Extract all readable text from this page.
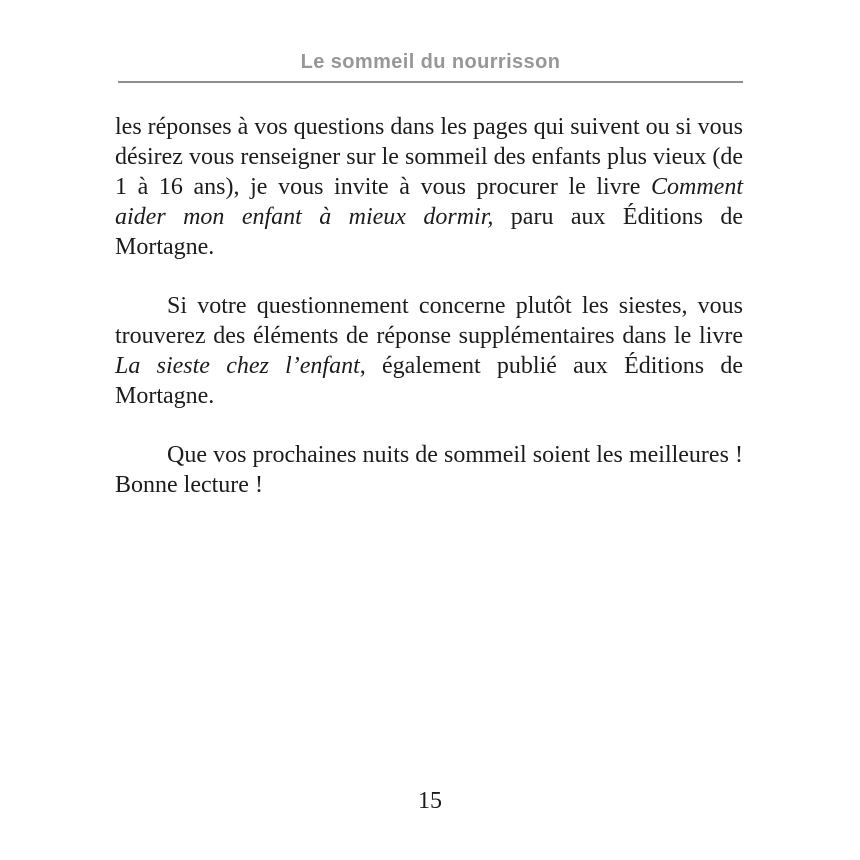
Le sommeil du nourrisson

les réponses à vos questions dans les pages qui suivent ou si vous désirez vous renseigner sur le sommeil des enfants plus vieux (de 1 à 16 ans), je vous invite à vous procurer le livre Comment aider mon enfant à mieux dormir, paru aux Éditions de Mortagne.

Si votre questionnement concerne plutôt les siestes, vous trouverez des éléments de réponse supplémentaires dans le livre La sieste chez l’enfant, également publié aux Éditions de Mortagne.

Que vos prochaines nuits de sommeil soient les meilleures ! Bonne lecture !

15
